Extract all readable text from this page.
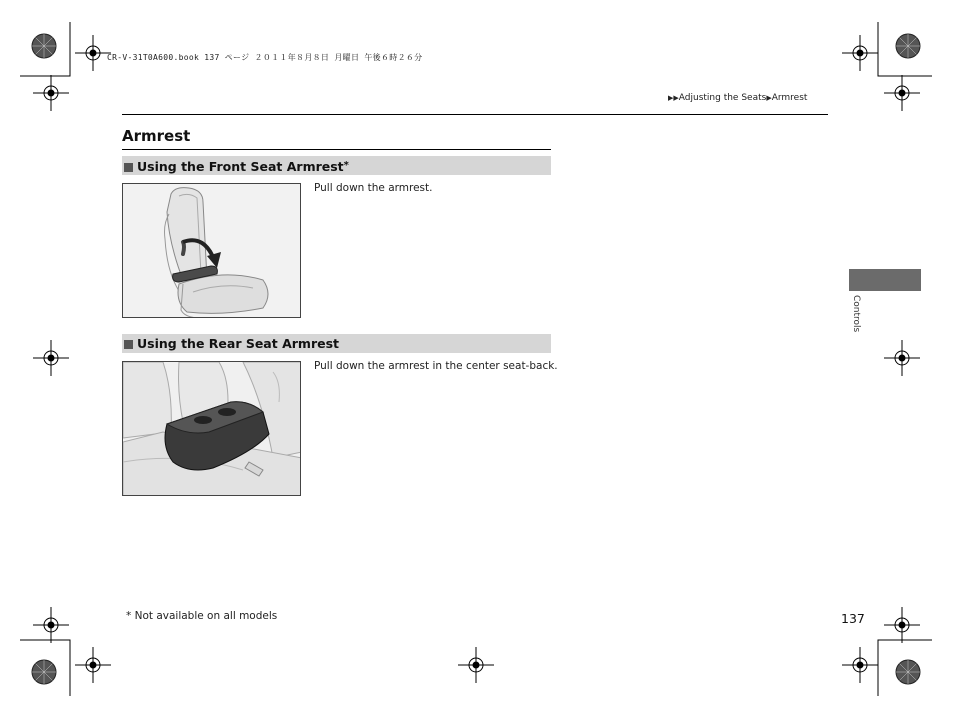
CR-V-31T0A600.book 137 ページ ２０１１年８月８日 月曜日 午後６時２６分
▶▶Adjusting the Seats▶Armrest
Armrest
Using the Front Seat Armrest*
Pull down the armrest.
Using the Rear Seat Armrest
Pull down the armrest in the center seat-back.
Controls
* Not available on all models	137
